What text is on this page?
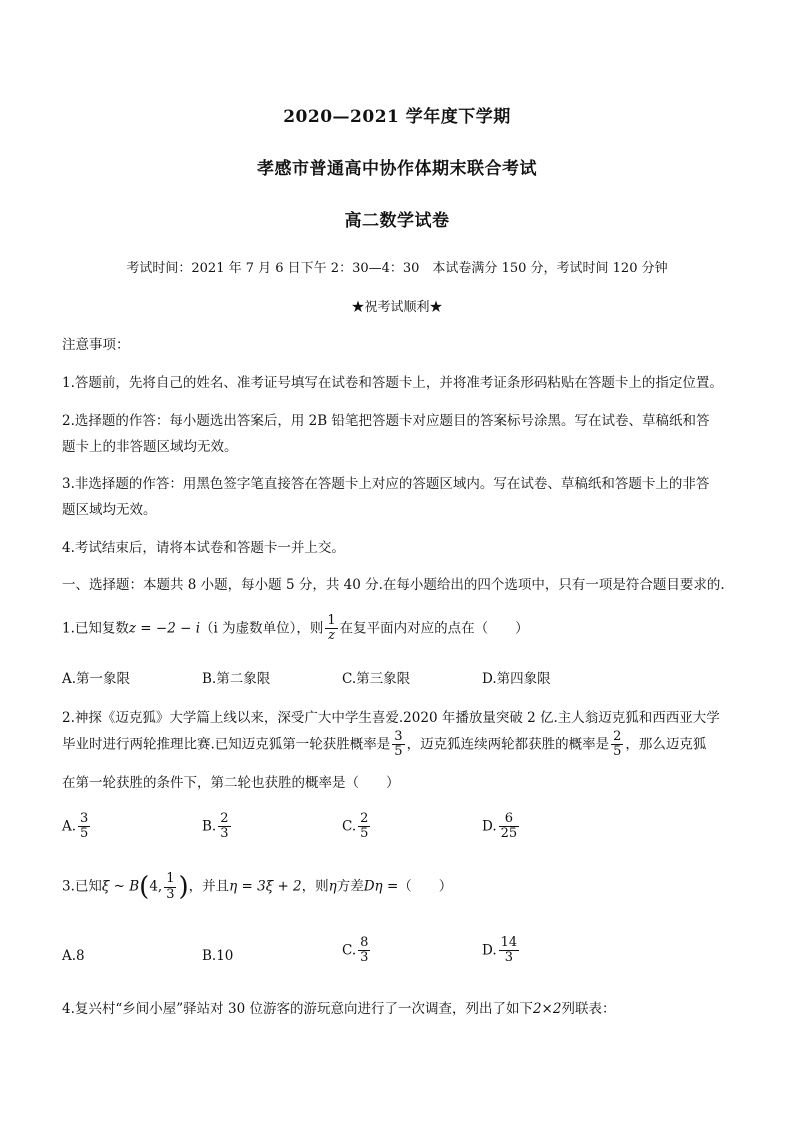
2020—2021 学年度下学期
孝感市普通高中协作体期末联合考试
高二数学试卷
考试时间：2021 年 7 月 6 日下午 2：30—4：30　本试卷满分 150 分，考试时间 120 分钟
★祝考试顺利★
注意事项：
1.答题前，先将自己的姓名、准考证号填写在试卷和答题卡上，并将准考证条形码粘贴在答题卡上的指定位置。
2.选择题的作答：每小题选出答案后，用 2B 铅笔把答题卡对应题目的答案标号涂黑。写在试卷、草稿纸和答
题卡上的非答题区域均无效。
3.非选择题的作答：用黑色签字笔直接答在答题卡上对应的答题区域内。写在试卷、草稿纸和答题卡上的非答
题区域均无效。
4.考试结束后，请将本试卷和答题卡一并上交。
一、选择题：本题共 8 小题，每小题 5 分，共 40 分.在每小题给出的四个选项中，只有一项是符合题目要求的.
1.已知复数z = −2 − i（i 为虚数单位），则 $\frac{1}{z}$ 在复平面内对应的点在（　　）
A.第一象限	B.第二象限	C.第三象限	D.第四象限
2.神探《迈克狐》大学篇上线以来，深受广大中学生喜爱.2020 年播放量突破 2 亿.主人翁迈克狐和西西亚大学
毕业时进行两轮推理比赛.已知迈克狐第一轮获胜概率是 $\frac{3}{5}$ ，迈克狐连续两轮都获胜的概率是 $\frac{2}{5}$ ，那么迈克狐
在第一轮获胜的条件下，第二轮也获胜的概率是（　　）
A. $\frac{3}{5}$	B. $\frac{2}{3}$	C. $\frac{2}{5}$	D. $\frac{6}{25}$
3.已知ξ ~ B(4, $\frac{1}{3}$ )，并且η = 3ξ + 2，则η方差Dη =（　　）
A.8	B.10	C. $\frac{8}{3}$	D. $\frac{14}{3}$
4.复兴村“乡间小屋”驿站对 30 位游客的游玩意向进行了一次调查，列出了如下2×2列联表：
